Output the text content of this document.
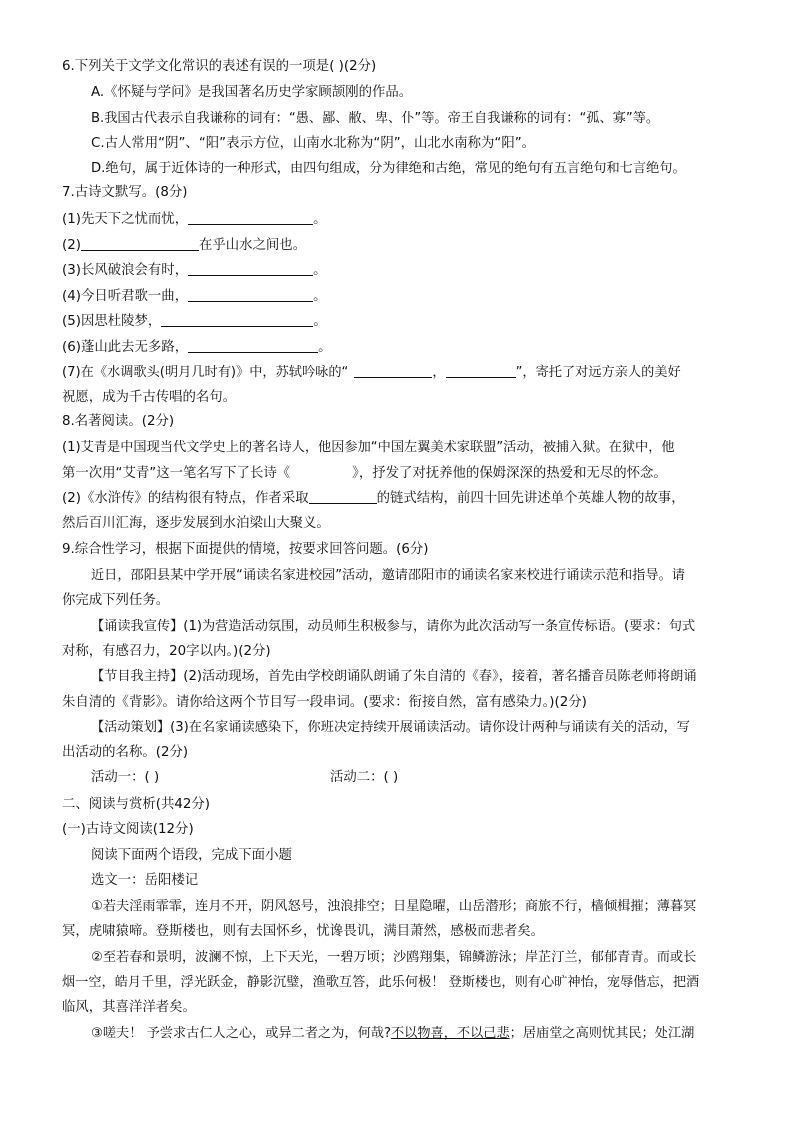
6.下列关于文学文化常识的表述有误的一项是( )(2分)
A.《怀疑与学问》是我国著名历史学家顾颉刚的作品。
B.我国古代表示自我谦称的词有：“愚、鄙、敝、卑、仆”等。帝王自我谦称的词有：“孤、寡”等。
C.古人常用“阴”、“阳”表示方位，山南水北称为“阴”，山北水南称为“阳”。
D.绝句，属于近体诗的一种形式，由四句组成，分为律绝和古绝，常见的绝句有五言绝句和七言绝句。
7.古诗文默写。(8分)
(1)先天下之忧而忧，	。
(2)	在乎山水之间也。
(3)长风破浪会有时，	。
(4)今日听君歌一曲，	。
(5)因思杜陵梦，	。
(6)蓬山此去无多路，	。
(7)在《水调歌头(明月几时有)》中，苏轼吟咏的“	，	”，寄托了对远方亲人的美好
祝愿，成为千古传唱的名句。
8.名著阅读。(2分)
(1)艾青是中国现当代文学史上的著名诗人，他因参加“中国左翼美术家联盟”活动，被捕入狱。在狱中，他
第一次用“艾青”这一笔名写下了长诗《	》，抒发了对抚养他的保姆深深的热爱和无尽的怀念。
(2)《水浒传》的结构很有特点，作者采取	的链式结构，前四十回先讲述单个英雄人物的故事，
然后百川汇海，逐步发展到水泊梁山大聚义。
9.综合性学习，根据下面提供的情境，按要求回答问题。(6分)
近日，邵阳县某中学开展“诵读名家进校园”活动，邀请邵阳市的诵读名家来校进行诵读示范和指导。请
你完成下列任务。
【诵读我宣传】(1)为营造活动氛围，动员师生积极参与，请你为此次活动写一条宣传标语。(要求：句式
对称，有感召力，20字以内。)(2分)
【节目我主持】(2)活动现场，首先由学校朗诵队朗诵了朱自清的《春》，接着，著名播音员陈老师将朗诵
朱自清的《背影》。请你给这两个节目写一段串词。(要求：衔接自然，富有感染力。)(2分)
【活动策划】(3)在名家诵读感染下，你班决定持续开展诵读活动。请你设计两种与诵读有关的活动，写
出活动的名称。(2分)
活动一：( )	活动二：( )
二、阅读与赏析(共42分)
(一)古诗文阅读(12分)
阅读下面两个语段，完成下面小题
选文一：岳阳楼记
①若夫淫雨霏霏，连月不开，阴风怒号，浊浪排空；日星隐曜，山岳潜形；商旅不行，樯倾楫摧；薄暮冥
冥，虎啸猿啼。登斯楼也，则有去国怀乡，忧谗畏讥，满目萧然，感极而悲者矣。
②至若春和景明，波澜不惊，上下天光，一碧万顷；沙鸥翔集，锦鳞游泳；岸芷汀兰，郁郁青青。而或长
烟一空，皓月千里，浮光跃金，静影沉璧，渔歌互答，此乐何极！ 登斯楼也，则有心旷神怡，宠辱偕忘，把酒
临风，其喜洋洋者矣。
③嗟夫！ 予尝求古仁人之心，或异二者之为，何哉?不以物喜，不以己悲；居庙堂之高则忧其民；处江湖
